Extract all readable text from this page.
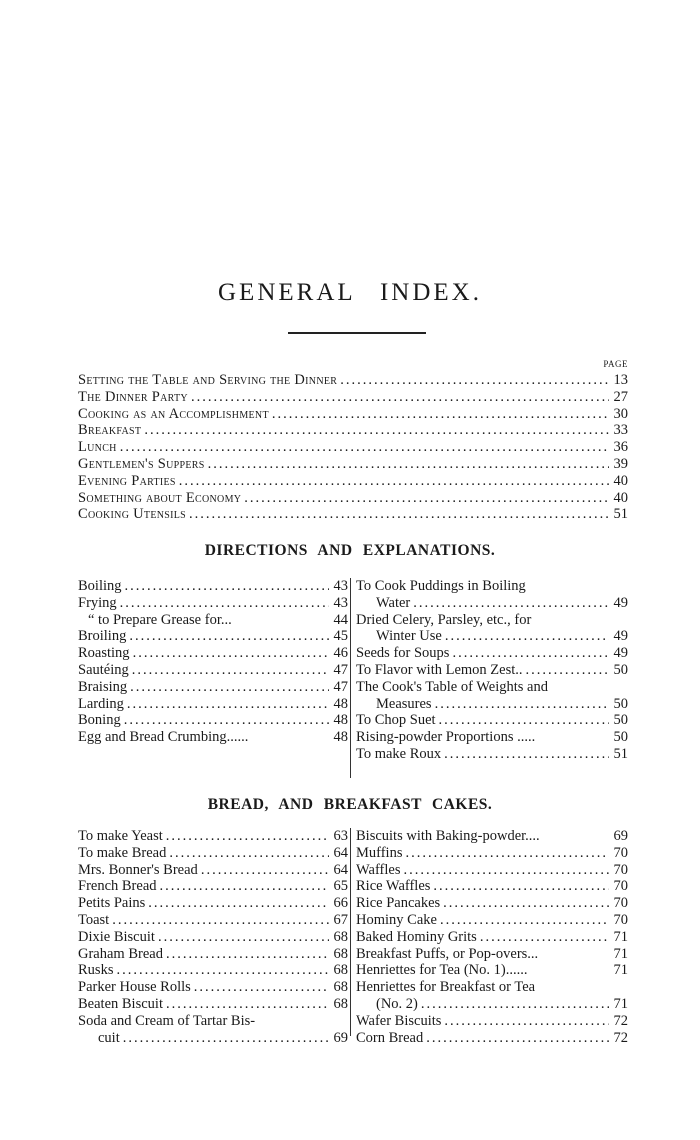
GENERAL INDEX.
PAGE
Setting the Table and Serving the Dinner .....	13
The Dinner Party .....	27
Cooking as an Accomplishment .....	30
Breakfast .....	33
Lunch .....	36
Gentlemen's Suppers .....	39
Evening Parties .....	40
Something about Economy .....	40
Cooking Utensils .....	51
DIRECTIONS AND EXPLANATIONS.
Boiling .....	43
Frying .....	43
“ to Prepare Grease for...	44
Broiling .....	45
Roasting .....	46
Sautéing .....	47
Braising .....	47
Larding .....	48
Boning .....	48
Egg and Bread Crumbing......	48
To Cook Puddings in Boiling
Water .....	49
Dried Celery, Parsley, etc., for
Winter Use .....	49
Seeds for Soups .....	49
To Flavor with Lemon Zest.. .....	50
The Cook's Table of Weights and
Measures .....	50
To Chop Suet .....	50
Rising-powder Proportions .....	50
To make Roux .....	51
BREAD, AND BREAKFAST CAKES.
To make Yeast .....	63
To make Bread .....	64
Mrs. Bonner's Bread .....	64
French Bread .....	65
Petits Pains .....	66
Toast .....	67
Dixie Biscuit .....	68
Graham Bread .....	68
Rusks .....	68
Parker House Rolls .....	68
Beaten Biscuit .....	68
Soda and Cream of Tartar Bis-
cuit .....	69
Biscuits with Baking-powder....	69
Muffins .....	70
Waffles .....	70
Rice Waffles .....	70
Rice Pancakes .....	70
Hominy Cake .....	70
Baked Hominy Grits .....	71
Breakfast Puffs, or Pop-overs...	71
Henriettes for Tea (No. 1)......	71
Henriettes for Breakfast or Tea
(No. 2) .....	71
Wafer Biscuits .....	72
Corn Bread .....	72
